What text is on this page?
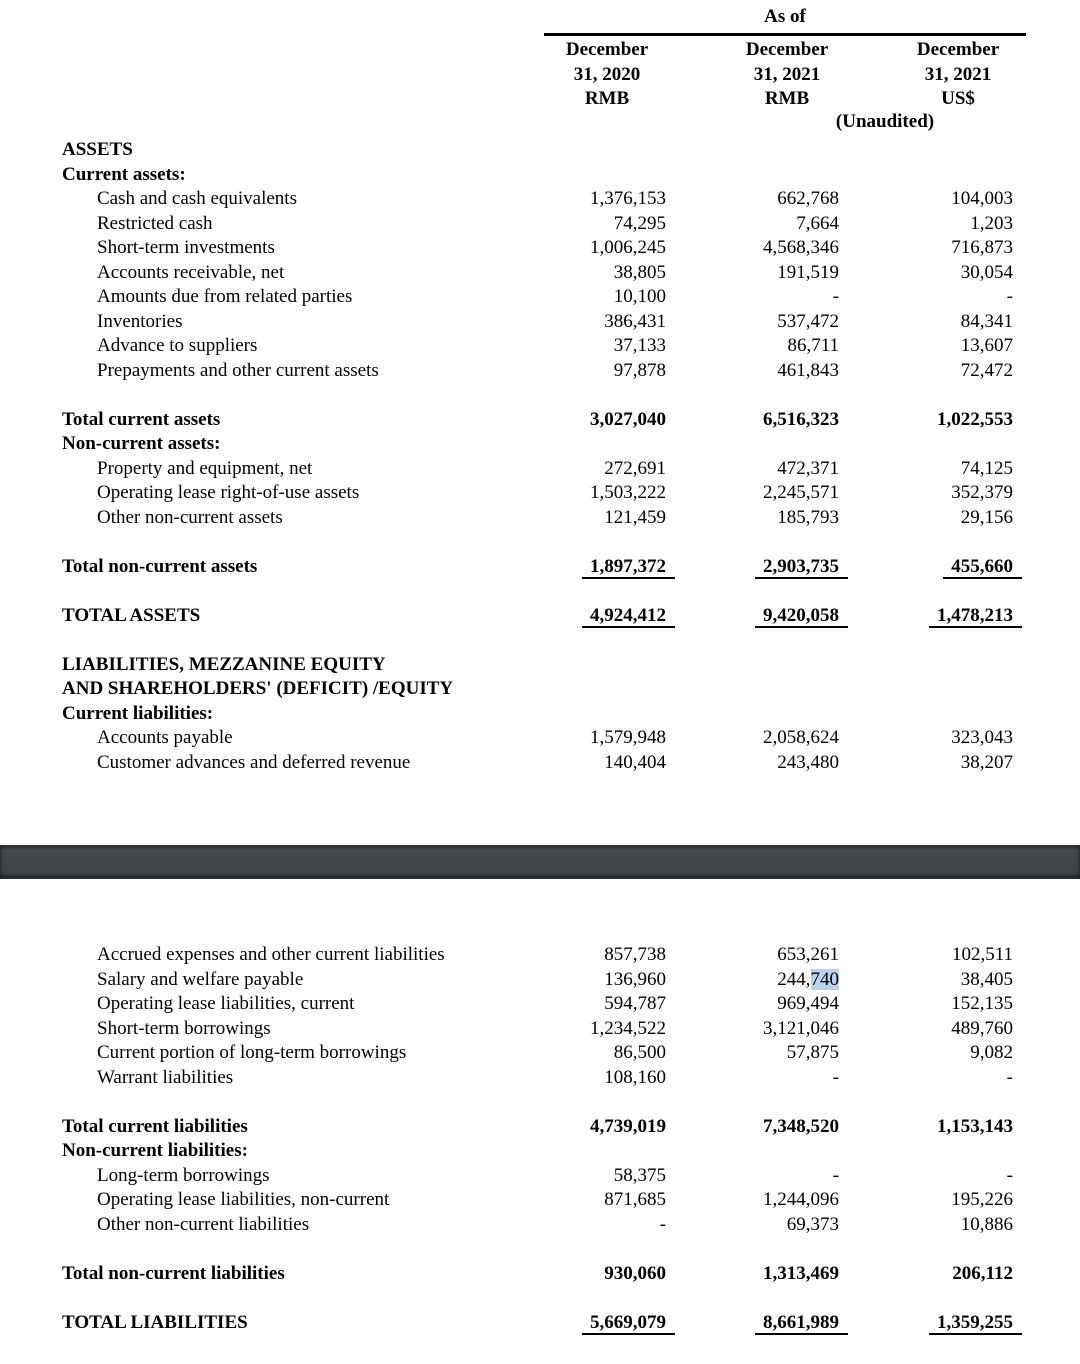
As of
December
31, 2020
RMB
December
31, 2021
RMB
December
31, 2021
US$
(Unaudited)
ASSETS
Current assets:
Cash and cash equivalents	1,376,153	662,768	104,003
Restricted cash	74,295	7,664	1,203
Short-term investments	1,006,245	4,568,346	716,873
Accounts receivable, net	38,805	191,519	30,054
Amounts due from related parties	10,100	-	-
Inventories	386,431	537,472	84,341
Advance to suppliers	37,133	86,711	13,607
Prepayments and other current assets	97,878	461,843	72,472
Total current assets	3,027,040	6,516,323	1,022,553
Non-current assets:
Property and equipment, net	272,691	472,371	74,125
Operating lease right-of-use assets	1,503,222	2,245,571	352,379
Other non-current assets	121,459	185,793	29,156
Total non-current assets	1,897,372	2,903,735	455,660
TOTAL ASSETS	4,924,412	9,420,058	1,478,213
LIABILITIES, MEZZANINE EQUITY
AND SHAREHOLDERS' (DEFICIT) /EQUITY
Current liabilities:
Accounts payable	1,579,948	2,058,624	323,043
Customer advances and deferred revenue	140,404	243,480	38,207
Accrued expenses and other current liabilities	857,738	653,261	102,511
Salary and welfare payable	136,960	244,740	38,405
Operating lease liabilities, current	594,787	969,494	152,135
Short-term borrowings	1,234,522	3,121,046	489,760
Current portion of long-term borrowings	86,500	57,875	9,082
Warrant liabilities	108,160	-	-
Total current liabilities	4,739,019	7,348,520	1,153,143
Non-current liabilities:
Long-term borrowings	58,375	-	-
Operating lease liabilities, non-current	871,685	1,244,096	195,226
Other non-current liabilities	-	69,373	10,886
Total non-current liabilities	930,060	1,313,469	206,112
TOTAL LIABILITIES	5,669,079	8,661,989	1,359,255
